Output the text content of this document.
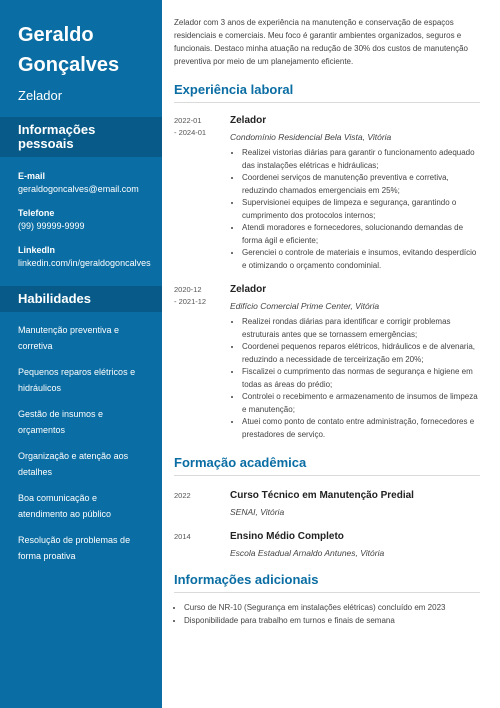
Geraldo
Gonçalves
Zelador
Informações pessoais
E-mail
geraldogoncalves@email.com
Telefone
(99) 99999-9999
LinkedIn
linkedin.com/in/geraldogoncalves
Habilidades
Manutenção preventiva e corretiva
Pequenos reparos elétricos e hidráulicos
Gestão de insumos e orçamentos
Organização e atenção aos detalhes
Boa comunicação e atendimento ao público
Resolução de problemas de forma proativa

Zelador com 3 anos de experiência na manutenção e conservação de espaços residenciais e comerciais. Meu foco é garantir ambientes organizados, seguros e funcionais. Destaco minha atuação na redução de 30% dos custos de manutenção preventiva por meio de um planejamento eficiente.

Experiência laboral
2022-01
- 2024-01
Zelador
Condomínio Residencial Bela Vista, Vitória
• Realizei vistorias diárias para garantir o funcionamento adequado das instalações elétricas e hidráulicas;
• Coordenei serviços de manutenção preventiva e corretiva, reduzindo chamados emergenciais em 25%;
• Supervisionei equipes de limpeza e segurança, garantindo o cumprimento dos protocolos internos;
• Atendi moradores e fornecedores, solucionando demandas de forma ágil e eficiente;
• Gerenciei o controle de materiais e insumos, evitando desperdício e otimizando o orçamento condominial.
2020-12
- 2021-12
Zelador
Edifício Comercial Prime Center, Vitória
• Realizei rondas diárias para identificar e corrigir problemas estruturais antes que se tornassem emergências;
• Coordenei pequenos reparos elétricos, hidráulicos e de alvenaria, reduzindo a necessidade de terceirização em 20%;
• Fiscalizei o cumprimento das normas de segurança e higiene em todas as áreas do prédio;
• Controlei o recebimento e armazenamento de insumos de limpeza e manutenção;
• Atuei como ponto de contato entre administração, fornecedores e prestadores de serviço.
Formação acadêmica
2022	Curso Técnico em Manutenção Predial
SENAI, Vitória
2014	Ensino Médio Completo
Escola Estadual Arnaldo Antunes, Vitória
Informações adicionais
• Curso de NR-10 (Segurança em instalações elétricas) concluído em 2023
• Disponibilidade para trabalho em turnos e finais de semana
